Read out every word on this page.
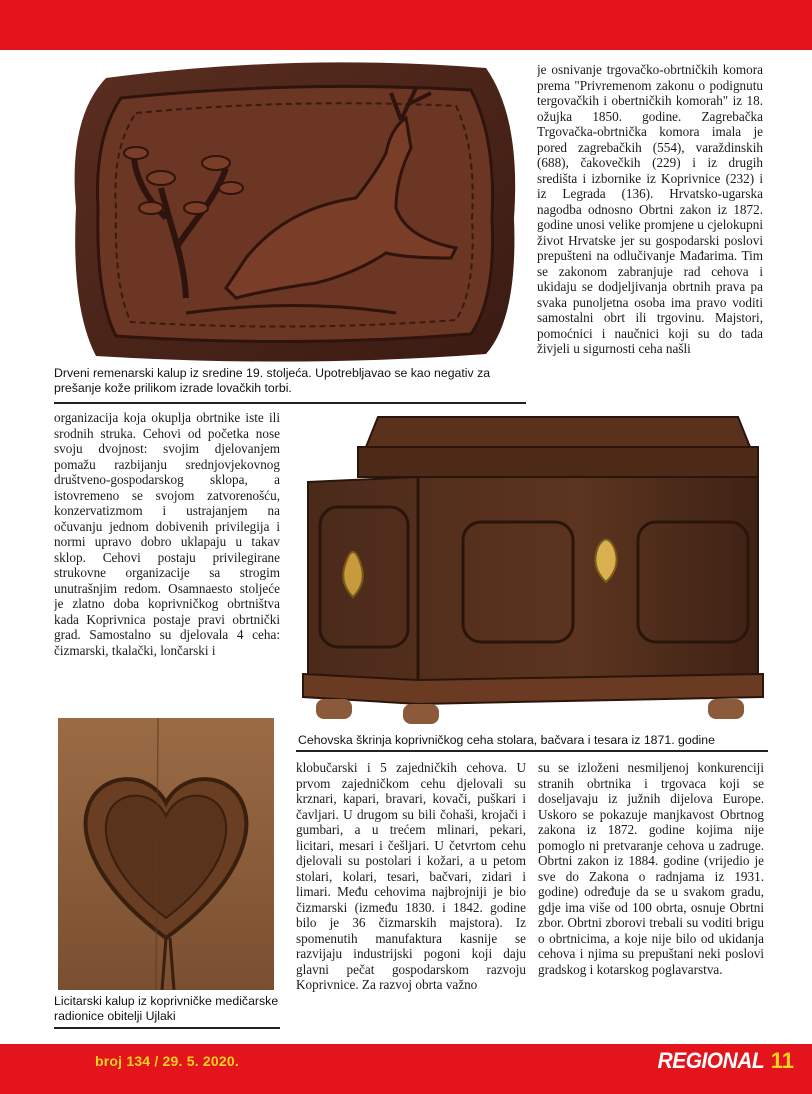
Drveni remenarski kalup iz sredine 19. stoljeća. Upotrebljavao se kao negativ za prešanje kože prilikom izrade lovačkih torbi.

je osnivanje trgovačko-obrtničkih komora prema "Privremenom zakonu o podignutu tergovačkih i obertničkih komorah" iz 18. ožujka 1850. godine. Zagrebačka Trgovačka-obrtnička komora imala je pored zagrebačkih (554), varaždinskih (688), čakovečkih (229) i iz drugih središta i izbornike iz Koprivnice (232) i iz Legrada (136). Hrvatsko-ugarska nagodba odnosno Obrtni zakon iz 1872. godine unosi velike promjene u cjelokupni život Hrvatske jer su gospodarski poslovi prepušteni na odlučivanje Mađarima. Tim se zakonom zabranjuje rad cehova i ukidaju se dodjeljivanja obrtnih prava pa svaka punoljetna osoba ima pravo voditi samostalni obrt ili trgovinu. Majstori, pomoćnici i naučnici koji su do tada živjeli u sigurnosti ceha našli

organizacija koja okuplja obrtnike iste ili srodnih struka. Cehovi od početka nose svoju dvojnost: svojim djelovanjem pomažu razbijanju srednjovjekovnog društveno-gospodarskog sklopa, a istovremeno se svojom zatvorenošću, konzervatizmom i ustrajanjem na očuvanju jednom dobivenih privilegija i normi upravo dobro uklapaju u takav sklop. Cehovi postaju privilegirane strukovne organizacije sa strogim unutrašnjim redom. Osamnaesto stoljeće je zlatno doba koprivničkog obrtništva kada Koprivnica postaje pravi obrtnički grad. Samostalno su djelovala 4 ceha: čizmarski, tkalački, lončarski i

Cehovska škrinja koprivničkog ceha stolara, bačvara i tesara iz 1871. godine
Licitarski kalup iz koprivničke medičarske radionice obitelji Ujlaki

klobučarski i 5 zajedničkih cehova. U prvom zajedničkom cehu djelovali su krznari, kapari, bravari, kovači, puškari i čavljari. U drugom su bili čohaši, krojači i gumbari, a u trećem mlinari, pekari, licitari, mesari i češljari. U četvrtom cehu djelovali su postolari i kožari, a u petom stolari, kolari, tesari, bačvari, zidari i limari. Među cehovima najbrojniji je bio čizmarski (između 1830. i 1842. godine bilo je 36 čizmarskih majstora). Iz spomenutih manufaktura kasnije se razvijaju industrijski pogoni koji daju glavni pečat gospodarskom razvoju Koprivnice. Za razvoj obrta važno

su se izloženi nesmiljenoj konkurenciji stranih obrtnika i trgovaca koji se doseljavaju iz južnih dijelova Europe. Uskoro se pokazuje manjkavost Obrtnog zakona iz 1872. godine kojima nije pomoglo ni pretvaranje cehova u zadruge. Obrtni zakon iz 1884. godine (vrijedio je sve do Zakona o radnjama iz 1931. godine) određuje da se u svakom gradu, gdje ima više od 100 obrta, osnuje Obrtni zbor. Obrtni zborovi trebali su voditi brigu o obrtnicima, a koje nije bilo od ukidanja cehova i njima su prepuštani neki poslovi gradskog i kotarskog poglavarstva.

broj 134 / 29. 5. 2020.	REGIONAL 11
